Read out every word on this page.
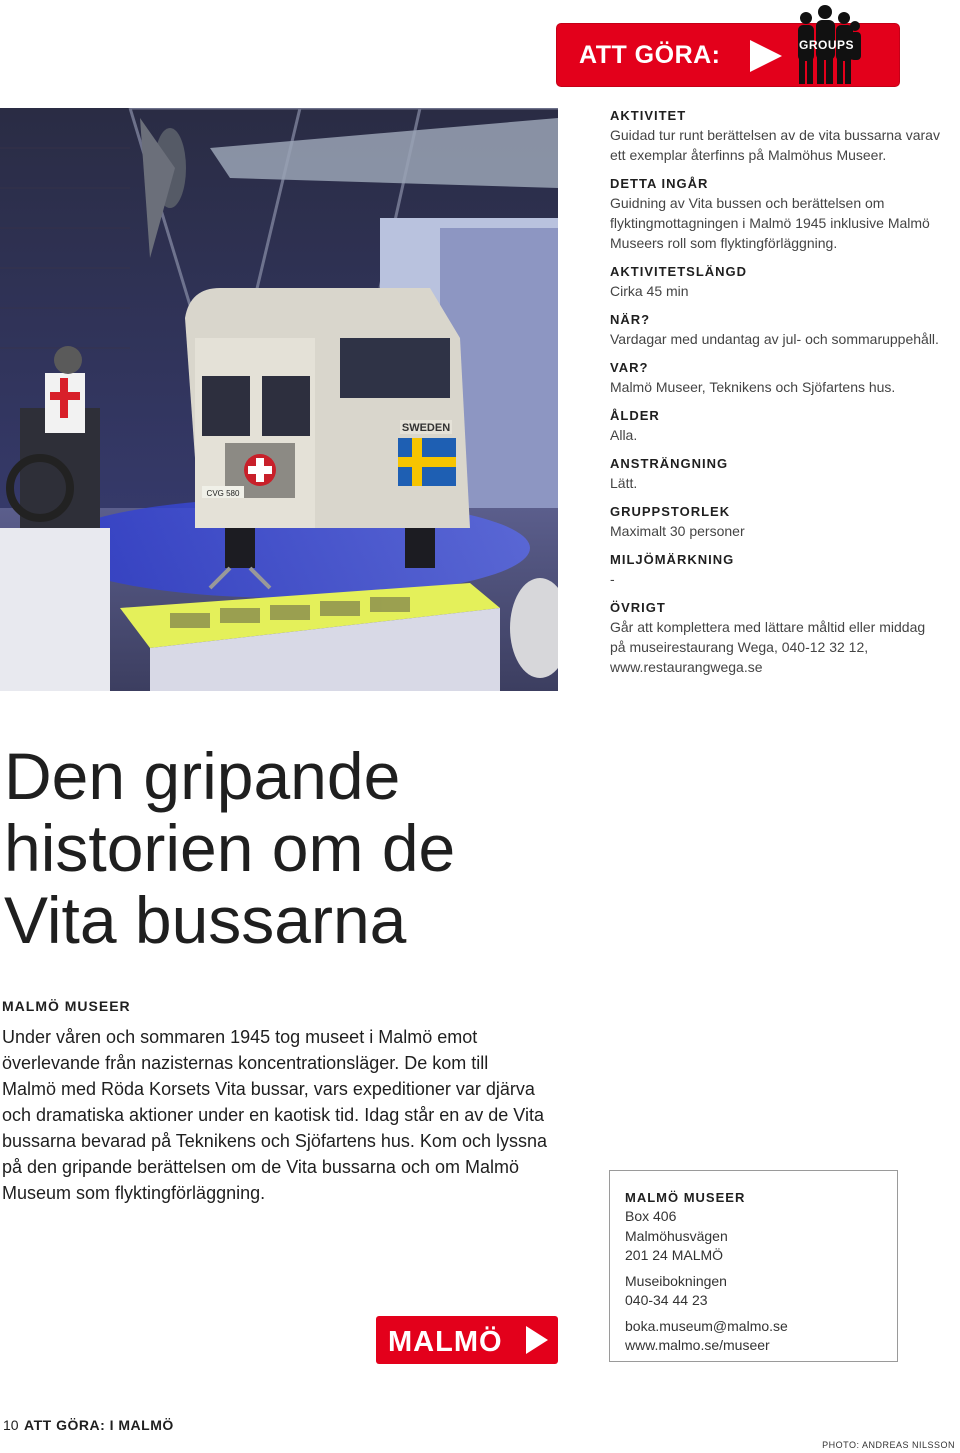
ATT GÖRA:	GROUPS
SWEDEN
CVG 580
AKTIVITET
Guidad tur runt berättelsen av de vita bussarna varav ett exemplar återfinns på Malmöhus Museer.
DETTA INGÅR
Guidning av Vita bussen och berättelsen om flyktingmottagningen i Malmö 1945 inklusive Malmö Museers roll som flyktingförläggning.
AKTIVITETSLÄNGD
Cirka 45 min
NÄR?
Vardagar med undantag av jul- och sommaruppehåll.
VAR?
Malmö Museer, Teknikens och Sjöfartens hus.
ÅLDER
Alla.
ANSTRÄNGNING
Lätt.
GRUPPSTORLEK
Maximalt 30 personer
MILJÖMÄRKNING
-
ÖVRIGT
Går att komplettera med lättare måltid eller middag på museirestaurang Wega, 040-12 32 12, www.restaurangwega.se
Den gripande
historien om de
Vita bussarna
MALMÖ MUSEER
Under våren och sommaren 1945 tog museet i Malmö emot överlevande från nazisternas koncentrationsläger. De kom till Malmö med Röda Korsets Vita bussar, vars expeditioner var djärva och dramatiska aktioner under en kaotisk tid. Idag står en av de Vita bussarna bevarad på Teknikens och Sjöfartens hus. Kom och lyssna på den gripande berättelsen om de Vita bussarna och om Malmö Museum som flyktingförläggning.	MALMÖ MUSEER
Box 406
Malmöhusvägen
201 24 MALMÖ
Museibokningen
040-34 44 23
boka.museum@malmo.se
www.malmo.se/museer
MALMÖ
10 ATT GÖRA: I MALMÖ
PHOTO: ANDREAS NILSSON
